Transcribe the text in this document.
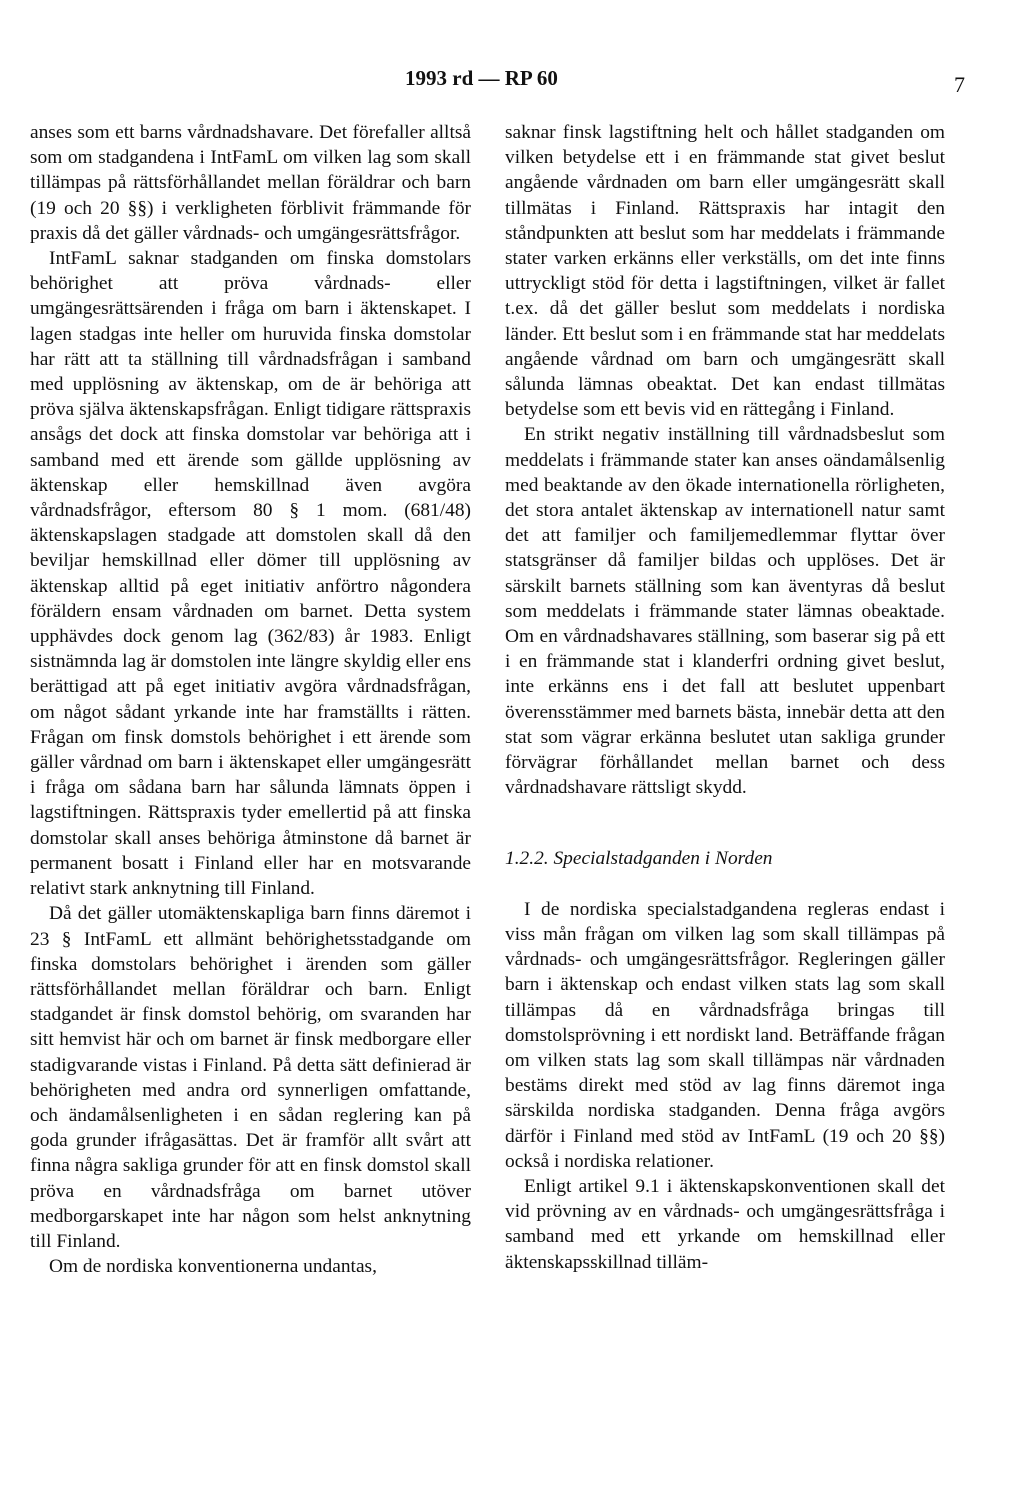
1993 rd — RP 60	7

anses som ett barns vårdnadshavare. Det förefaller alltså som om stadgandena i IntFamL om vilken lag som skall tillämpas på rättsförhållandet mellan föräldrar och barn (19 och 20 §§) i verkligheten förblivit främmande för praxis då det gäller vårdnads- och umgängesrättsfrågor.

IntFamL saknar stadganden om finska domstolars behörighet att pröva vårdnads- eller umgängesrättsärenden i fråga om barn i äktenskapet. I lagen stadgas inte heller om huruvida finska domstolar har rätt att ta ställning till vårdnadsfrågan i samband med upplösning av äktenskap, om de är behöriga att pröva själva äktenskapsfrågan. Enligt tidigare rättspraxis ansågs det dock att finska domstolar var behöriga att i samband med ett ärende som gällde upplösning av äktenskap eller hemskillnad även avgöra vårdnadsfrågor, eftersom 80 § 1 mom. (681/48) äktenskapslagen stadgade att domstolen skall då den beviljar hemskillnad eller dömer till upplösning av äktenskap alltid på eget initiativ anförtro någondera föräldern ensam vårdnaden om barnet. Detta system upphävdes dock genom lag (362/83) år 1983. Enligt sistnämnda lag är domstolen inte längre skyldig eller ens berättigad att på eget initiativ avgöra vårdnadsfrågan, om något sådant yrkande inte har framställts i rätten. Frågan om finsk domstols behörighet i ett ärende som gäller vårdnad om barn i äktenskapet eller umgängesrätt i fråga om sådana barn har sålunda lämnats öppen i lagstiftningen. Rättspraxis tyder emellertid på att finska domstolar skall anses behöriga åtminstone då barnet är permanent bosatt i Finland eller har en motsvarande relativt stark anknytning till Finland.

Då det gäller utomäktenskapliga barn finns däremot i 23 § IntFamL ett allmänt behörighetsstadgande om finska domstolars behörighet i ärenden som gäller rättsförhållandet mellan föräldrar och barn. Enligt stadgandet är finsk domstol behörig, om svaranden har sitt hemvist här och om barnet är finsk medborgare eller stadigvarande vistas i Finland. På detta sätt definierad är behörigheten med andra ord synnerligen omfattande, och ändamålsenligheten i en sådan reglering kan på goda grunder ifrågasättas. Det är framför allt svårt att finna några sakliga grunder för att en finsk domstol skall pröva en vårdnadsfråga om barnet utöver medborgarskapet inte har någon som helst anknytning till Finland.

Om de nordiska konventionerna undantas,

saknar finsk lagstiftning helt och hållet stadganden om vilken betydelse ett i en främmande stat givet beslut angående vårdnaden om barn eller umgängesrätt skall tillmätas i Finland. Rättspraxis har intagit den ståndpunkten att beslut som har meddelats i främmande stater varken erkänns eller verkställs, om det inte finns uttryckligt stöd för detta i lagstiftningen, vilket är fallet t.ex. då det gäller beslut som meddelats i nordiska länder. Ett beslut som i en främmande stat har meddelats angående vårdnad om barn och umgängesrätt skall sålunda lämnas obeaktat. Det kan endast tillmätas betydelse som ett bevis vid en rättegång i Finland.

En strikt negativ inställning till vårdnadsbeslut som meddelats i främmande stater kan anses oändamålsenlig med beaktande av den ökade internationella rörligheten, det stora antalet äktenskap av internationell natur samt det att familjer och familjemedlemmar flyttar över statsgränser då familjer bildas och upplöses. Det är särskilt barnets ställning som kan äventyras då beslut som meddelats i främmande stater lämnas obeaktade. Om en vårdnadshavares ställning, som baserar sig på ett i en främmande stat i klanderfri ordning givet beslut, inte erkänns ens i det fall att beslutet uppenbart överensstämmer med barnets bästa, innebär detta att den stat som vägrar erkänna beslutet utan sakliga grunder förvägrar förhållandet mellan barnet och dess vårdnadshavare rättsligt skydd.

1.2.2. Specialstadganden i Norden

I de nordiska specialstadgandena regleras endast i viss mån frågan om vilken lag som skall tillämpas på vårdnads- och umgängesrättsfrågor. Regleringen gäller barn i äktenskap och endast vilken stats lag som skall tillämpas då en vårdnadsfråga bringas till domstolsprövning i ett nordiskt land. Beträffande frågan om vilken stats lag som skall tillämpas när vårdnaden bestäms direkt med stöd av lag finns däremot inga särskilda nordiska stadganden. Denna fråga avgörs därför i Finland med stöd av IntFamL (19 och 20 §§) också i nordiska relationer.

Enligt artikel 9.1 i äktenskapskonventionen skall det vid prövning av en vårdnads- och umgängesrättsfråga i samband med ett yrkande om hemskillnad eller äktenskapsskillnad tilläm-
